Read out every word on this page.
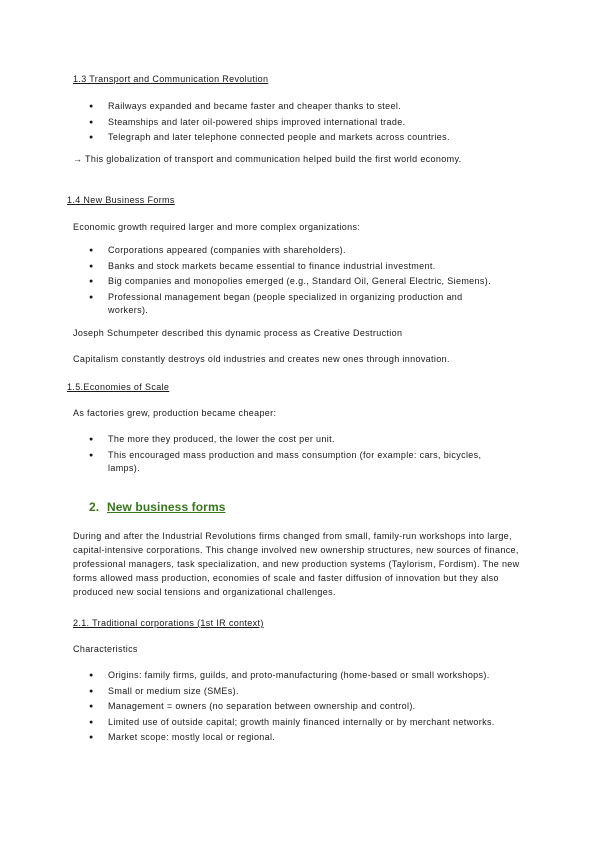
1.3 Transport and Communication Revolution

● Railways expanded and became faster and cheaper thanks to steel.
● Steamships and later oil-powered ships improved international trade.
● Telegraph and later telephone connected people and markets across countries.

→ This globalization of transport and communication helped build the first world economy.

1.4 New Business Forms

Economic growth required larger and more complex organizations:

● Corporations appeared (companies with shareholders).
● Banks and stock markets became essential to finance industrial investment.
● Big companies and monopolies emerged (e.g., Standard Oil, General Electric, Siemens).
● Professional management began (people specialized in organizing production and workers).

Joseph Schumpeter described this dynamic process as Creative Destruction

Capitalism constantly destroys old industries and creates new ones through innovation.

1.5.Economies of Scale

As factories grew, production became cheaper:

● The more they produced, the lower the cost per unit.
● This encouraged mass production and mass consumption (for example: cars, bicycles, lamps).

2. New business forms

During and after the Industrial Revolutions firms changed from small, family-run workshops into large, capital-intensive corporations. This change involved new ownership structures, new sources of finance, professional managers, task specialization, and new production systems (Taylorism, Fordism). The new forms allowed mass production, economies of scale and faster diffusion of innovation but they also produced new social tensions and organizational challenges.

2.1. Traditional corporations (1st IR context)

Characteristics

● Origins: family firms, guilds, and proto-manufacturing (home-based or small workshops).
● Small or medium size (SMEs).
● Management = owners (no separation between ownership and control).
● Limited use of outside capital; growth mainly financed internally or by merchant networks.
● Market scope: mostly local or regional.
